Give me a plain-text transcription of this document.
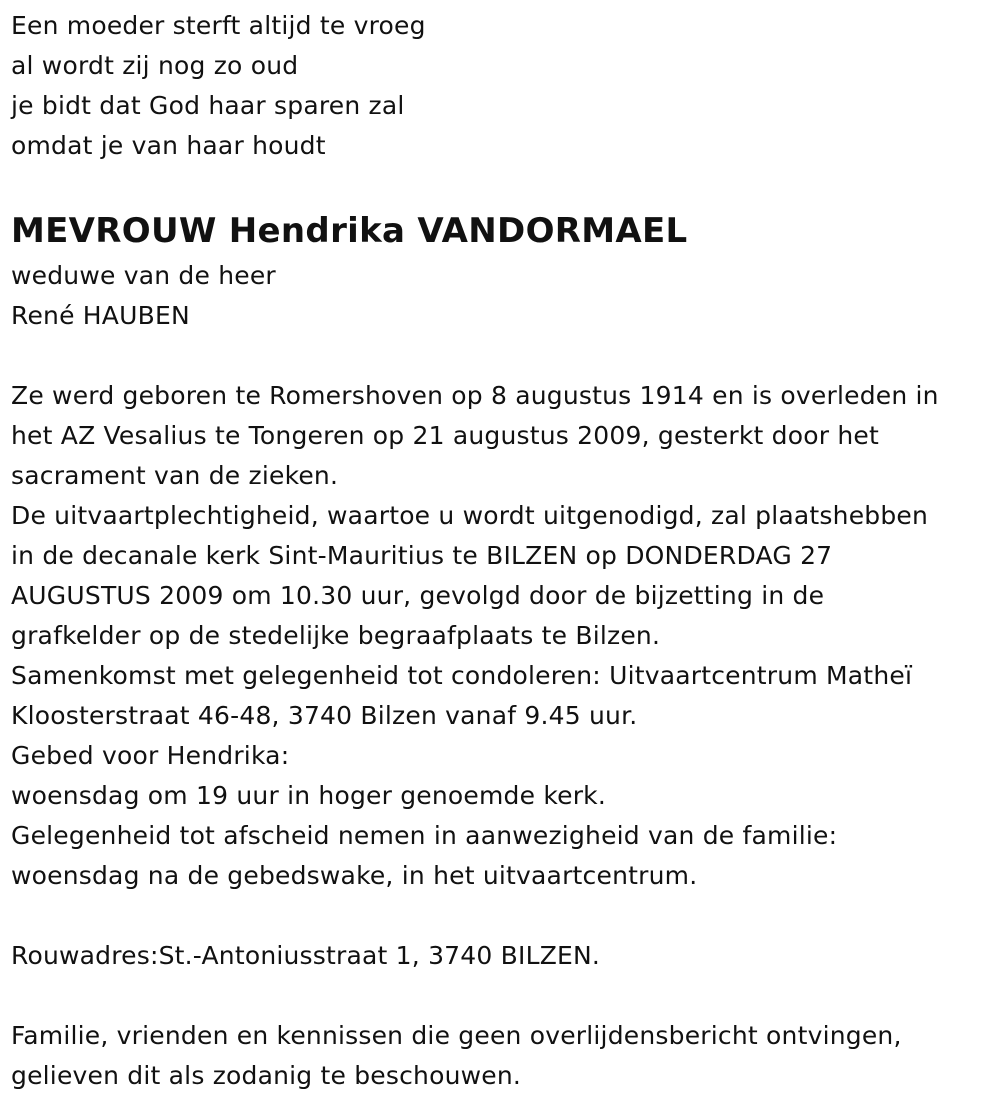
Een moeder sterft altijd te vroeg
al wordt zij nog zo oud
je bidt dat God haar sparen zal
omdat je van haar houdt
MEVROUW Hendrika VANDORMAEL
weduwe van de heer
René HAUBEN
Ze werd geboren te Romershoven op 8 augustus 1914 en is overleden in
het AZ Vesalius te Tongeren op 21 augustus 2009, gesterkt door het
sacrament van de zieken.
De uitvaartplechtigheid, waartoe u wordt uitgenodigd, zal plaatshebben
in de decanale kerk Sint-Mauritius te BILZEN op DONDERDAG 27
AUGUSTUS 2009 om 10.30 uur, gevolgd door de bijzetting in de
grafkelder op de stedelijke begraafplaats te Bilzen.
Samenkomst met gelegenheid tot condoleren: Uitvaartcentrum Matheï
Kloosterstraat 46-48, 3740 Bilzen vanaf 9.45 uur.
Gebed voor Hendrika:
woensdag om 19 uur in hoger genoemde kerk.
Gelegenheid tot afscheid nemen in aanwezigheid van de familie:
woensdag na de gebedswake, in het uitvaartcentrum.
Rouwadres:St.-Antoniusstraat 1, 3740 BILZEN.
Familie, vrienden en kennissen die geen overlijdensbericht ontvingen,
gelieven dit als zodanig te beschouwen.
